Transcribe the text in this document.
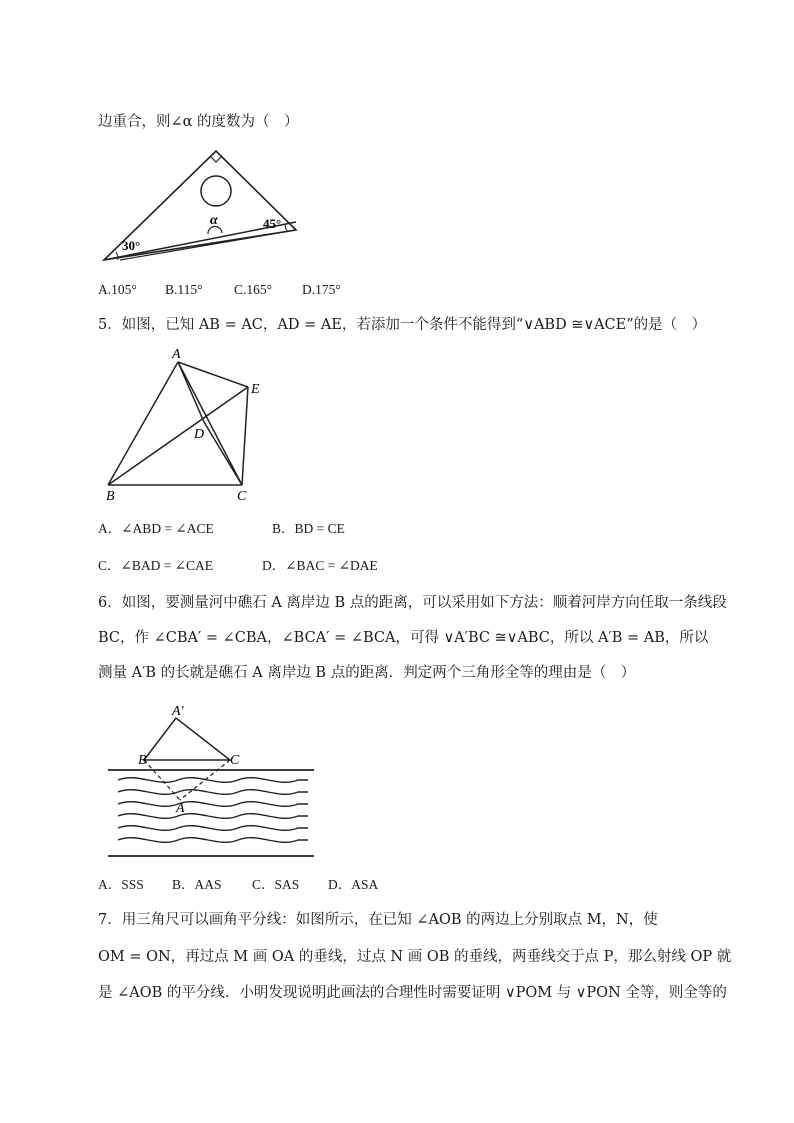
边重合，则∠α 的度数为（　）
α
30°
45°
A.105° B.115° C.165° D.175°
5．如图，已知 AB = AC，AD = AE，若添加一个条件不能得到“∨ABD ≅∨ACE”的是（　）
A
E
D
B	C
A．∠ABD = ∠ACE	B．BD = CE
C．∠BAD = ∠CAE	D．∠BAC = ∠DAE
6．如图，要测量河中礁石 A 离岸边 B 点的距离，可以采用如下方法：顺着河岸方向任取一条线段
BC，作 ∠CBA′ = ∠CBA，∠BCA′ = ∠BCA，可得 ∨A′BC ≅∨ABC，所以 A′B = AB，所以
测量 A′B 的长就是礁石 A 离岸边 B 点的距离．判定两个三角形全等的理由是（　）
A′
B	C
A
A．SSS B．AAS C．SAS D．ASA
7．用三角尺可以画角平分线：如图所示，在已知 ∠AOB 的两边上分别取点 M，N，使
OM = ON，再过点 M 画 OA 的垂线，过点 N 画 OB 的垂线，两垂线交于点 P，那么射线 OP 就
是 ∠AOB 的平分线．小明发现说明此画法的合理性时需要证明 ∨POM 与 ∨PON 全等，则全等的
